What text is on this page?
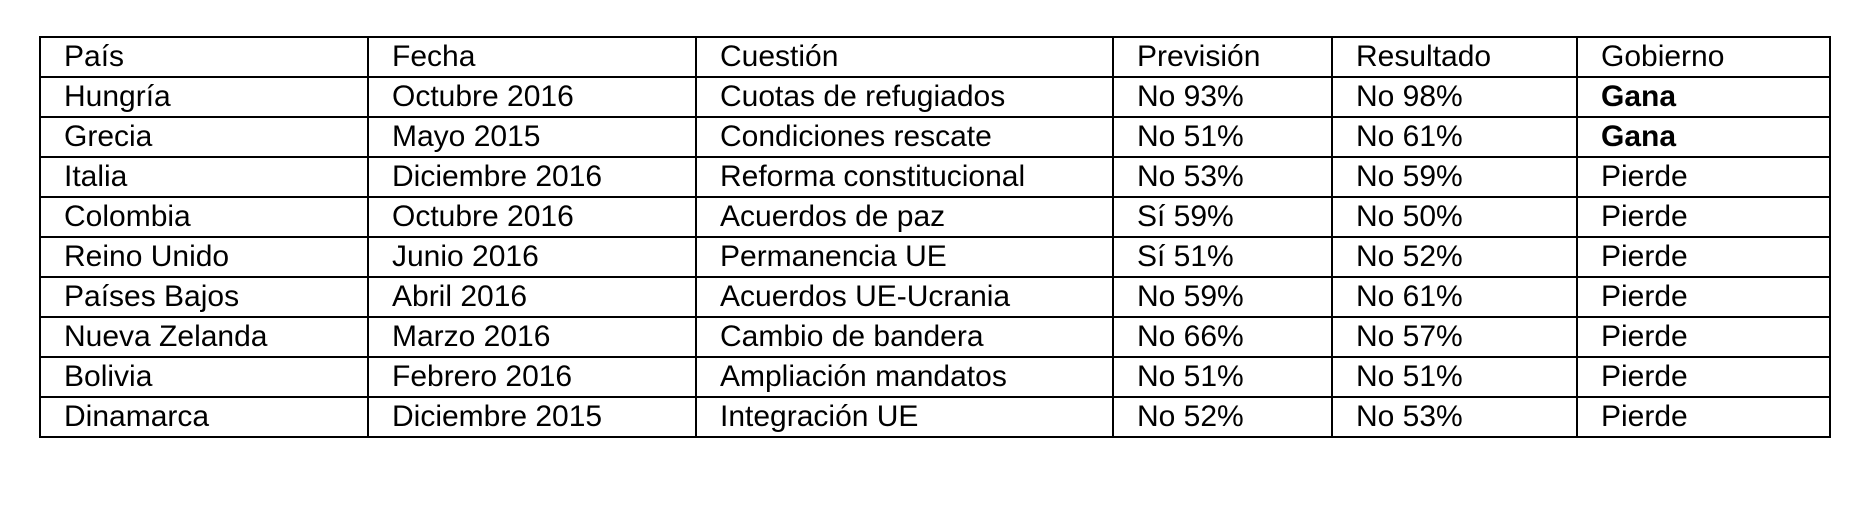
País	Fecha	Cuestión	Previsión	Resultado	Gobierno
Hungría	Octubre 2016	Cuotas de refugiados	No 93%	No 98%	Gana
Grecia	Mayo 2015	Condiciones rescate	No 51%	No 61%	Gana
Italia	Diciembre 2016	Reforma constitucional	No 53%	No 59%	Pierde
Colombia	Octubre 2016	Acuerdos de paz	Sí 59%	No 50%	Pierde
Reino Unido	Junio 2016	Permanencia UE	Sí 51%	No 52%	Pierde
Países Bajos	Abril 2016	Acuerdos UE-Ucrania	No 59%	No 61%	Pierde
Nueva Zelanda	Marzo 2016	Cambio de bandera	No 66%	No 57%	Pierde
Bolivia	Febrero 2016	Ampliación mandatos	No 51%	No 51%	Pierde
Dinamarca	Diciembre 2015	Integración UE	No 52%	No 53%	Pierde
